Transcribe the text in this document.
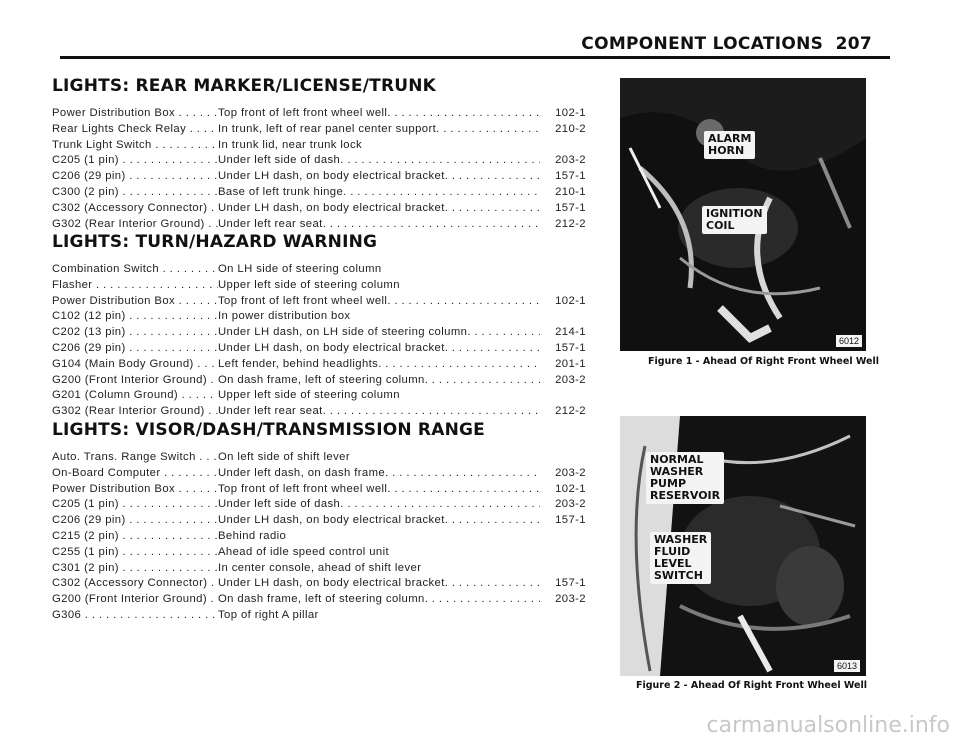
COMPONENT LOCATIONS 207
LIGHTS: REAR MARKER/LICENSE/TRUNK
Power Distribution Box . . .	Top front of left front wheel well . . .	102-1
Rear Lights Check Relay . . .	In trunk, left of rear panel center support . . .	210-2
Trunk Light Switch . . .	In trunk lid, near trunk lock
C205 (1 pin) . . .	Under left side of dash . . .	203-2
C206 (29 pin) . . .	Under LH dash, on body electrical bracket . . .	157-1
C300 (2 pin) . . .	Base of left trunk hinge . . .	210-1
C302 (Accessory Connector) . . . Under LH dash, on body electrical bracket . . .	157-1
G302 (Rear Interior Ground) . . .	Under left rear seat . . .	212-2
LIGHTS: TURN/HAZARD WARNING
Combination Switch . . .	On LH side of steering column
Flasher . . .	Upper left side of steering column
Power Distribution Box . . .	Top front of left front wheel well . . .	102-1
C102 (12 pin) . . .	In power distribution box
C202 (13 pin) . . .	Under LH dash, on LH side of steering column . . .	214-1
C206 (29 pin) . . .	Under LH dash, on body electrical bracket . . .	157-1
G104 (Main Body Ground) . . .	Left fender, behind headlights . . .	201-1
G200 (Front Interior Ground) . . . On dash frame, left of steering column . . .	203-2
G201 (Column Ground) . . .	Upper left side of steering column
G302 (Rear Interior Ground) . . .	Under left rear seat . . .	212-2
LIGHTS: VISOR/DASH/TRANSMISSION RANGE
Auto. Trans. Range Switch . . .	On left side of shift lever
On-Board Computer . . .	Under left dash, on dash frame . . .	203-2
Power Distribution Box . . .	Top front of left front wheel well . . .	102-1
C205 (1 pin) . . .	Under left side of dash . . .	203-2
C206 (29 pin) . . .	Under LH dash, on body electrical bracket . . .	157-1
C215 (2 pin) . . .	Behind radio
C255 (1 pin) . . .	Ahead of idle speed control unit
C301 (2 pin) . . .	In center console, ahead of shift lever
C302 (Accessory Connector) . . . Under LH dash, on body electrical bracket . . .	157-1
G200 (Front Interior Ground) . . . On dash frame, left of steering column . . .	203-2
G306 . . .	Top of right A pillar
ALARM
HORN
IGNITION
COIL
6012
Figure 1 - Ahead Of Right Front Wheel Well
NORMAL
WASHER
PUMP
RESERVOIR
WASHER
FLUID
LEVEL
SWITCH
6013
Figure 2 - Ahead Of Right Front Wheel Well
carmanualsonline.info
